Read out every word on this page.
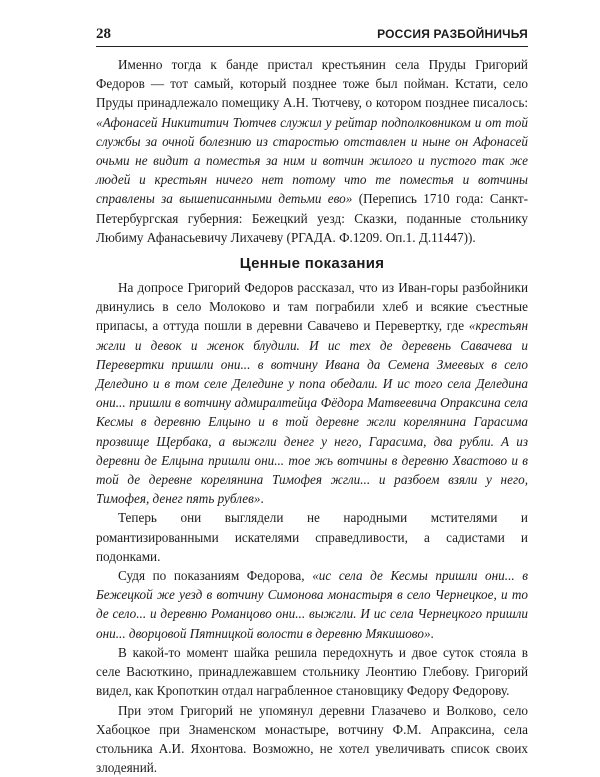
28	РОССИЯ РАЗБОЙНИЧЬЯ

Именно тогда к банде пристал крестьянин села Пруды Григорий Федоров — тот самый, который позднее тоже был пойман. Кстати, село Пруды принадлежало помещику А.Н. Тютчеву, о котором позднее писалось: «Афонасей Никититич Тютчев служил у рейтар подполковником и от той службы за очной болезнию из старостью отставлен и ныне он Афонасей очьми не видит а поместья за ним и вотчин жилого и пустого так же людей и крестьян ничего нет потому что те поместья и вотчины справлены за вышеписанными детьми ево» (Перепись 1710 года: Санкт-Петербургская губерния: Бежецкий уезд: Сказки, поданные стольнику Любиму Афанасьевичу Лихачеву (РГАДА. Ф.1209. Оп.1. Д.11447)).

Ценные показания

На допросе Григорий Федоров рассказал, что из Иван-горы разбойники двинулись в село Молоково и там пограбили хлеб и всякие съестные припасы, а оттуда пошли в деревни Савачево и Перевертку, где «крестьян жгли и девок и женок блудили. И ис тех де деревень Савачева и Перевертки пришли они... в вотчину Ивана да Семена Змеевых в село Деледино и в том селе Деледине у попа обедали. И ис того села Деледина они... пришли в вотчину адмиралтейца Фёдора Матвеевича Опраксина села Кесмы в деревню Елцыно и в той деревне жгли корелянина Гарасима прозвище Щербака, а выжгли денег у него, Гарасима, два рубли. А из деревни де Елцына пришли они... тое жь вотчины в деревню Хвастово и в той де деревне корелянина Тимофея жгли... и разбоем взяли у него, Тимофея, денег пять рублев».

Теперь они выглядели не народными мстителями и романтизированными искателями справедливости, а садистами и подонками.

Судя по показаниям Федорова, «ис села де Кесмы пришли они... в Бежецкой же уезд в вотчину Симонова монастыря в село Чернецкое, и то де село... и деревню Романцово они... выжгли. И ис села Чернецкого пришли они... дворцовой Пятницкой волости в деревню Мякишово».

В какой-то момент шайка решила передохнуть и двое суток стояла в селе Васюткино, принадлежавшем стольнику Леонтию Глебову. Григорий видел, как Кропоткин отдал награбленное становщику Федору Федорову.

При этом Григорий не упомянул деревни Глазачево и Волково, село Хабоцкое при Знаменском монастыре, вотчину Ф.М. Апраксина, села стольника А.И. Яхонтова. Возможно, не хотел увеличивать список своих злодеяний.
